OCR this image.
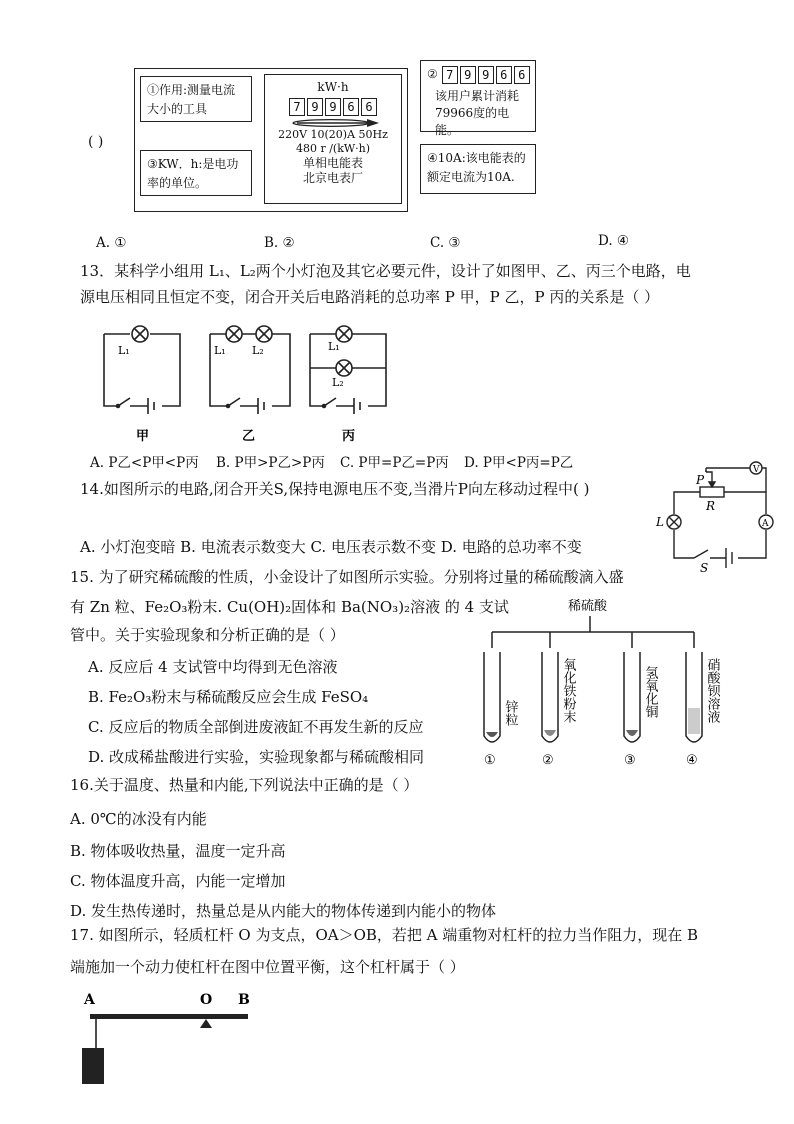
①作用:测量电流大小的工具
③KW．h:是电功率的单位。
( )
kW·h
7 9 9 6 6
220V 10(20)A 50Hz
480 r /(kW·h)
单相电能表
北京电表厂
② 7 9 9 6 6
该用户累计消耗79966度的电能。
④10A:该电能表的额定电流为10A.
A. ①	B. ②	C. ③	D. ④
13．某科学小组用 L₁、L₂两个小灯泡及其它必要元件，设计了如图甲、乙、丙三个电路，电
源电压相同且恒定不变，闭合开关后电路消耗的总功率 P 甲，P 乙，P 丙的关系是（ ）
L₁	L₁ L₂	L₁
L₂
甲	乙	丙
A. P乙<P甲<P丙 B. P甲>P乙>P丙 C. P甲=P乙=P丙 D. P甲<P丙=P乙
14.如图所示的电路,闭合开关S,保持电源电压不变,当滑片P向左移动过程中( )
A. 小灯泡变暗 B. 电流表示数变大 C. 电压表示数不变 D. 电路的总功率不变
V
A
P
R
L
S
15. 为了研究稀硫酸的性质，小金设计了如图所示实验。分别将过量的稀硫酸滴入盛
有 Zn 粒、Fe₂O₃粉末. Cu(OH)₂固体和 Ba(NO₃)₂溶液 的 4 支试
管中。关于实验现象和分析正确的是（ ）
A. 反应后 4 支试管中均得到无色溶液
B. Fe₂O₃粉末与稀硫酸反应会生成 FeSO₄
C. 反应后的物质全部倒进废液缸不再发生新的反应
D. 改成稀盐酸进行实验，实验现象都与稀硫酸相同
稀硫酸
锌粒	氧化铁粉末	氢氧化铜	硝酸钡溶液
①	②	③	④
16.关于温度、热量和内能,下列说法中正确的是（ ）
A. 0℃的冰没有内能
B. 物体吸收热量，温度一定升高
C. 物体温度升高，内能一定增加
D. 发生热传递时，热量总是从内能大的物体传递到内能小的物体
17. 如图所示，轻质杠杆 O 为支点，OA＞OB，若把 A 端重物对杠杆的拉力当作阻力，现在 B
端施加一个动力使杠杆在图中位置平衡，这个杠杆属于（ ）
A	O B
